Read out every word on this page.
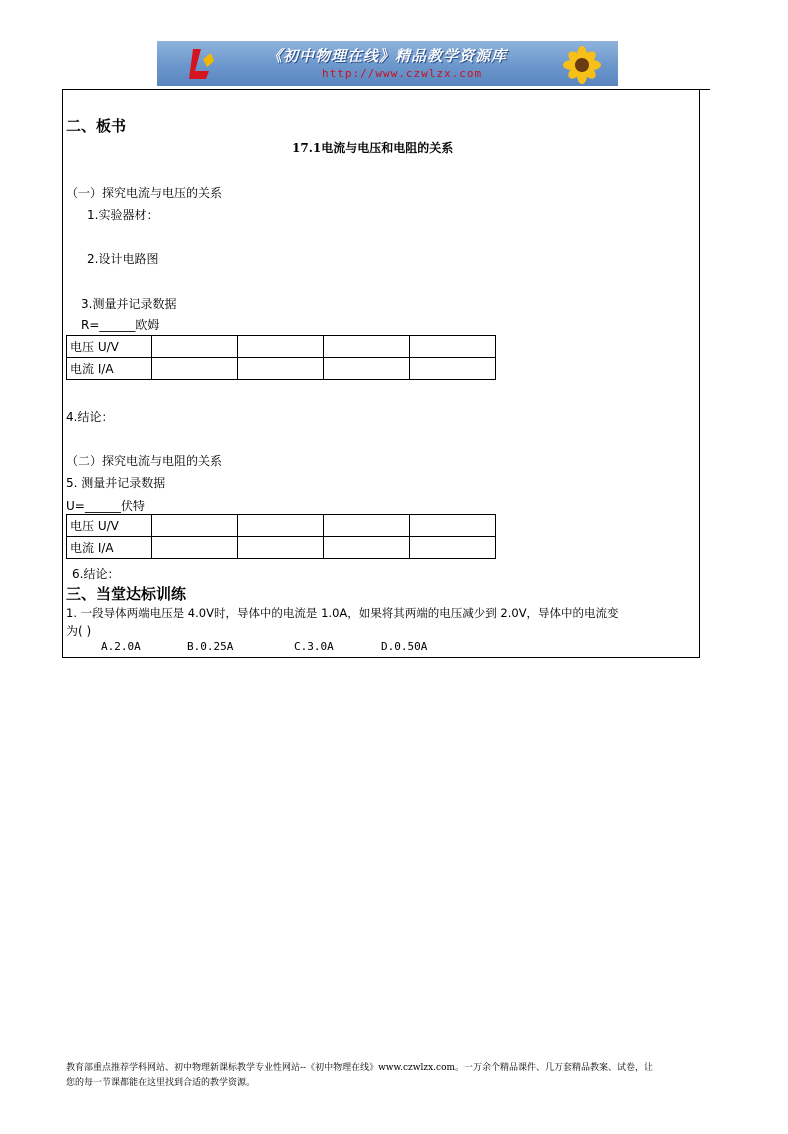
《初中物理在线》精品教学资源库
http://www.czwlzx.com
二、板书
17.1电流与电压和电阻的关系
（一）探究电流与电压的关系
1.实验器材：
2.设计电路图
3.测量并记录数据
R=______欧姆
电压 U/V				
电流 I/A				
4.结论：
（二）探究电流与电阻的关系
5. 测量并记录数据
U=______伏特
电压 U/V				
电流 I/A				
6.结论：
三、当堂达标训练
1. 一段导体两端电压是 4.0V时，导体中的电流是 1.0A，如果将其两端的电压减少到 2.0V，导体中的电流变
为( )
A.2.0A	B.0.25A	C.3.0A	D.0.50A
教育部重点推荐学科网站、初中物理新课标教学专业性网站--《初中物理在线》www.czwlzx.com。一万余个精品课件、几万套精品教案、试卷，让
您的每一节课都能在这里找到合适的教学资源。
